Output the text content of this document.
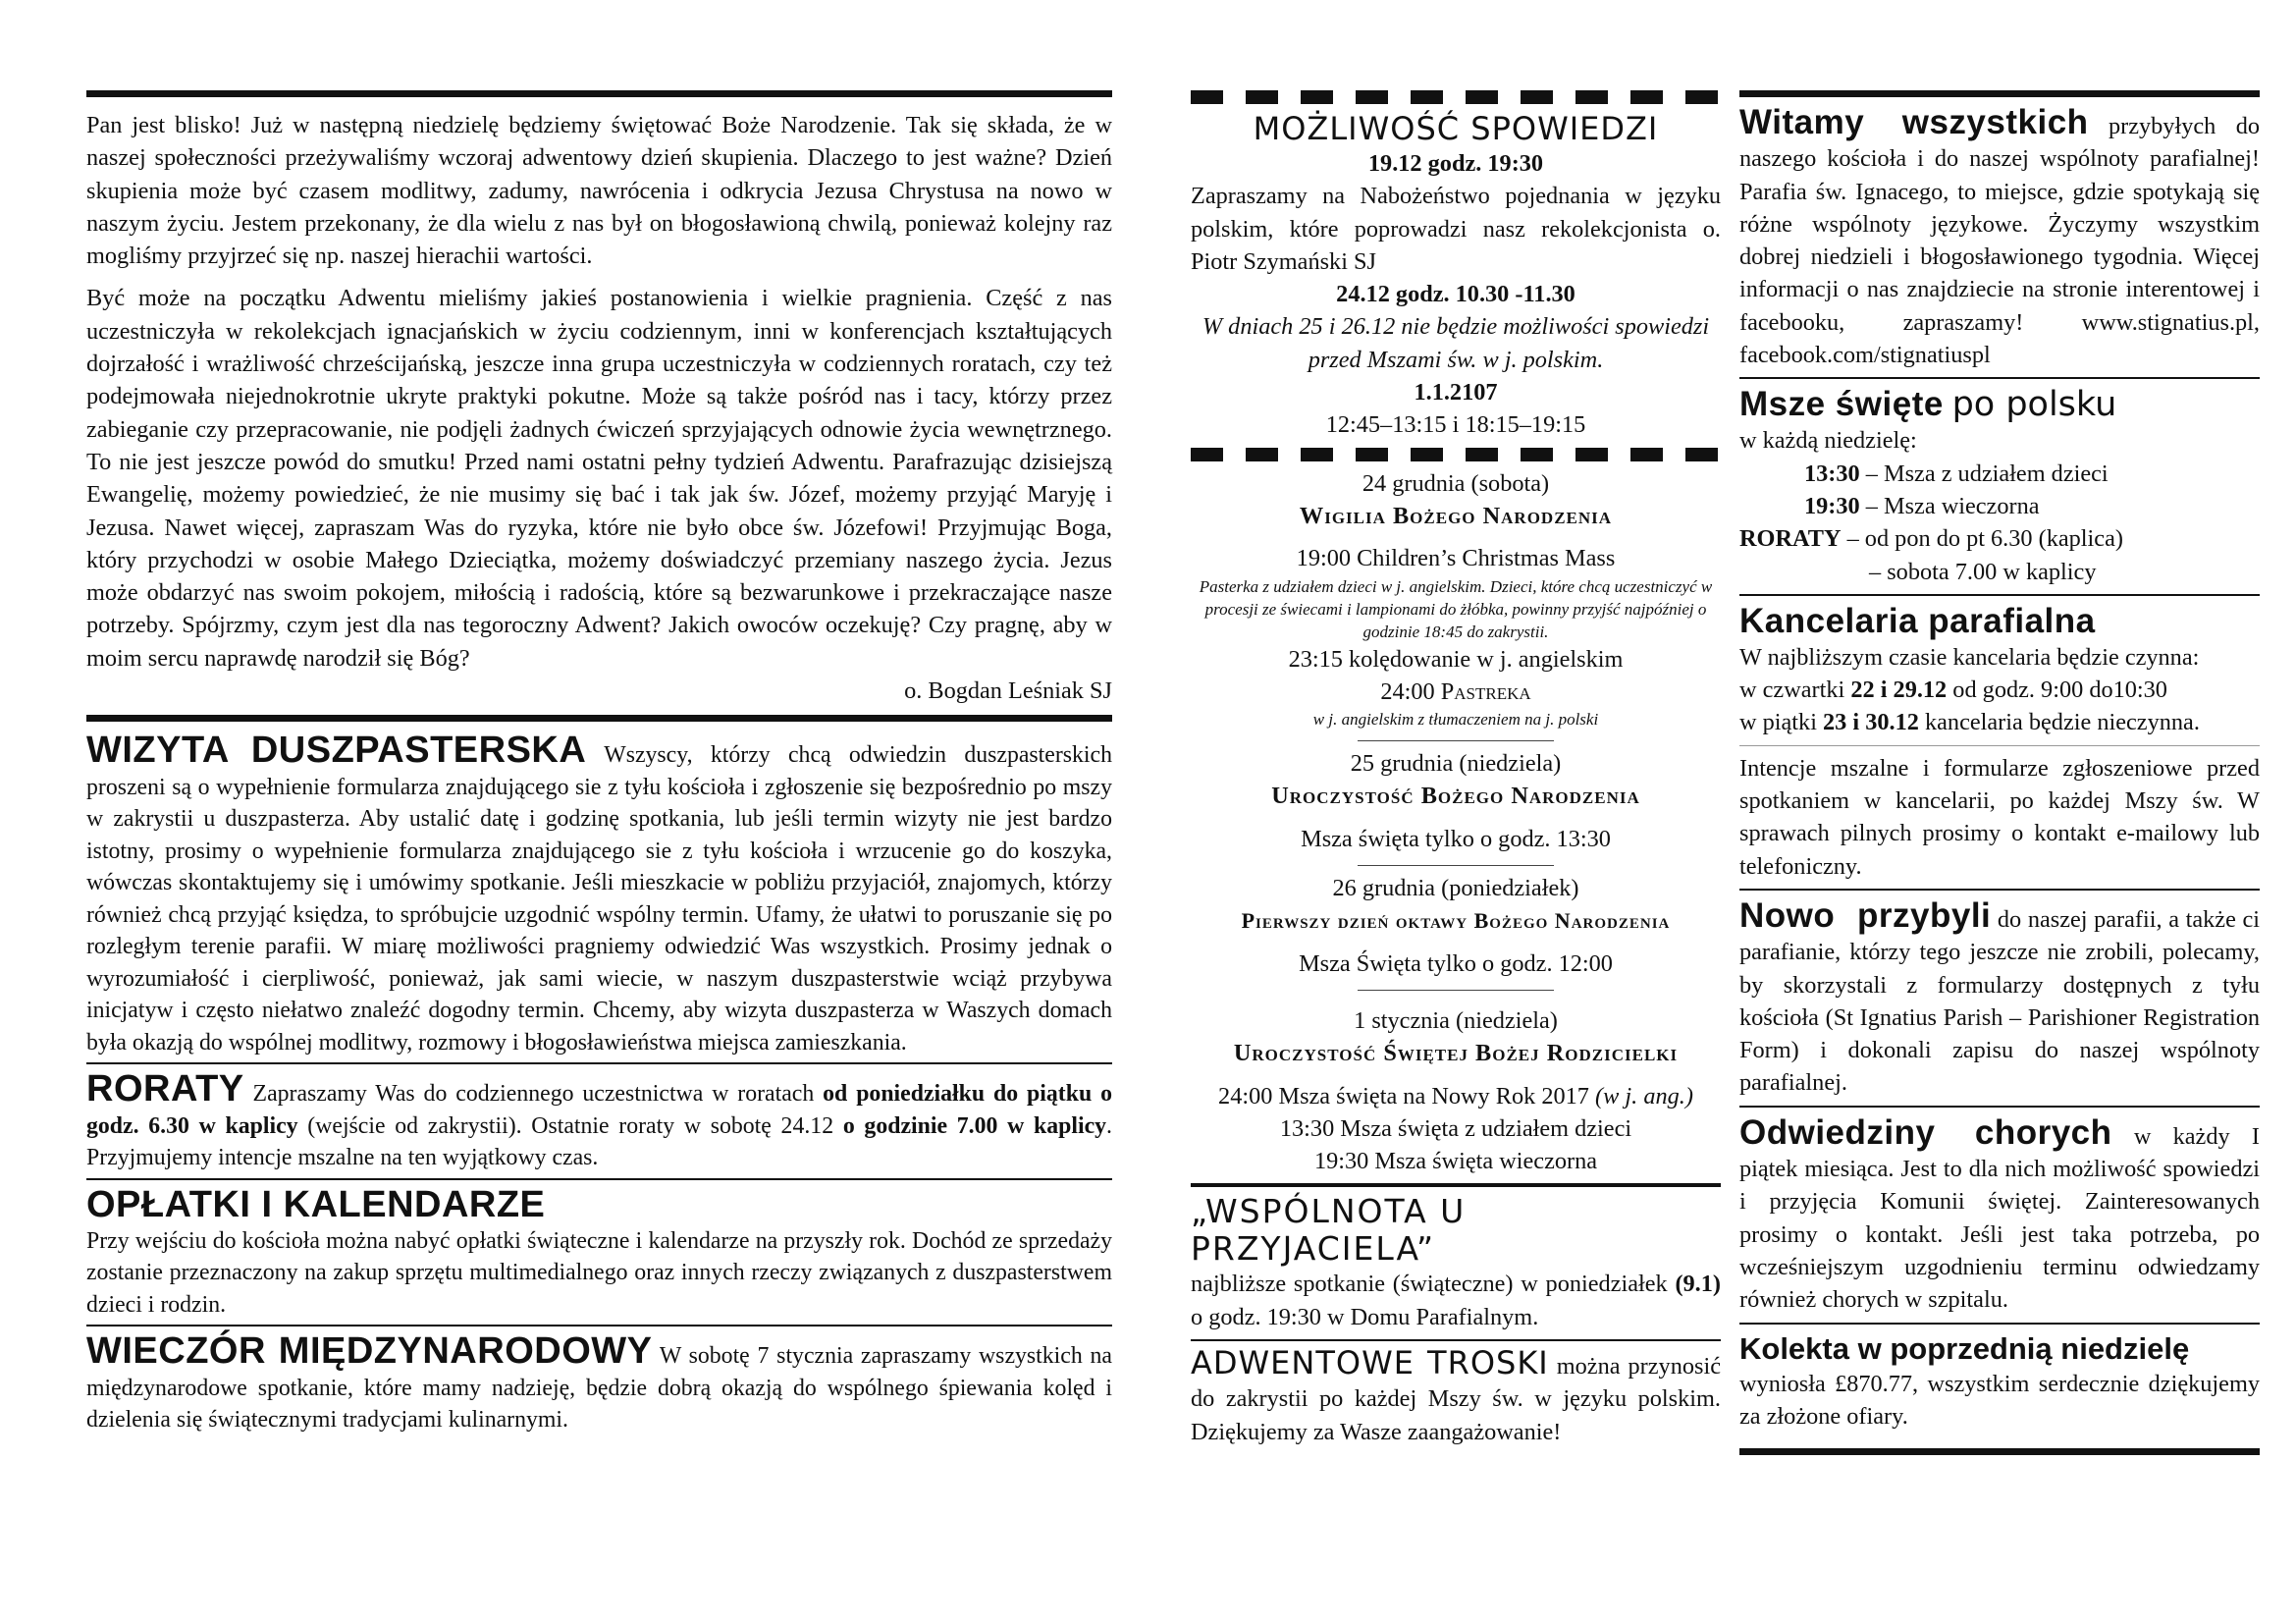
Pan jest blisko! Już w następną niedzielę będziemy świętować Boże Narodzenie. Tak się składa, że w naszej społeczności przeżywaliśmy wczoraj adwentowy dzień skupienia. Dlaczego to jest ważne? Dzień skupienia może być czasem modlitwy, zadumy, nawrócenia i odkrycia Jezusa Chrystusa na nowo w naszym życiu. Jestem przekonany, że dla wielu z nas był on błogosławioną chwilą, ponieważ kolejny raz mogliśmy przyjrzeć się np. naszej hierachii wartości.

Być może na początku Adwentu mieliśmy jakieś postanowienia i wielkie pragnienia. Część z nas uczestniczyła w rekolekcjach ignacjańskich w życiu codziennym, inni w konferencjach kształtujących dojrzałość i wrażliwość chrześcijańską, jeszcze inna grupa uczestniczyła w codziennych roratach, czy też podejmowała niejednokrotnie ukryte praktyki pokutne. Może są także pośród nas i tacy, którzy przez zabieganie czy przepracowanie, nie podjęli żadnych ćwiczeń sprzyjających odnowie życia wewnętrznego. To nie jest jeszcze powód do smutku! Przed nami ostatni pełny tydzień Adwentu. Parafrazując dzisiejszą Ewangelię, możemy powiedzieć, że nie musimy się bać i tak jak św. Józef, możemy przyjąć Maryję i Jezusa. Nawet więcej, zapraszam Was do ryzyka, które nie było obce św. Józefowi! Przyjmując Boga, który przychodzi w osobie Małego Dzieciątka, możemy doświadczyć przemiany naszego życia. Jezus może obdarzyć nas swoim pokojem, miłością i radością, które są bezwarunkowe i przekraczające nasze potrzeby. Spójrzmy, czym jest dla nas tegoroczny Adwent? Jakich owoców oczekuję? Czy pragnę, aby w moim sercu naprawdę narodził się Bóg?

o. Bogdan Leśniak SJ

WIZYTA DUSZPASTERSKA Wszyscy, którzy chcą odwiedzin duszpasterskich proszeni są o wypełnienie formularza znajdującego sie z tyłu kościoła i zgłoszenie się bezpośrednio po mszy w zakrystii u duszpasterza. Aby ustalić datę i godzinę spotkania, lub jeśli termin wizyty nie jest bardzo istotny, prosimy o wypełnienie formularza znajdującego sie z tyłu kościoła i wrzucenie go do koszyka, wówczas skontaktujemy się i umówimy spotkanie. Jeśli mieszkacie w pobliżu przyjaciół, znajomych, którzy również chcą przyjąć księdza, to spróbujcie uzgodnić wspólny termin. Ufamy, że ułatwi to poruszanie się po rozległym terenie parafii. W miarę możliwości pragniemy odwiedzić Was wszystkich. Prosimy jednak o wyrozumiałość i cierpliwość, ponieważ, jak sami wiecie, w naszym duszpasterstwie wciąż przybywa inicjatyw i często niełatwo znaleźć dogodny termin. Chcemy, aby wizyta duszpasterza w Waszych domach była okazją do wspólnej modlitwy, rozmowy i błogosławieństwa miejsca zamieszkania.

RORATY Zapraszamy Was do codziennego uczestnictwa w roratach od poniedziałku do piątku o godz. 6.30 w kaplicy (wejście od zakrystii). Ostatnie roraty w sobotę 24.12 o godzinie 7.00 w kaplicy. Przyjmujemy intencje mszalne na ten wyjątkowy czas.

OPŁATKI I KALENDARZE

Przy wejściu do kościoła można nabyć opłatki świąteczne i kalendarze na przyszły rok. Dochód ze sprzedaży zostanie przeznaczony na zakup sprzętu multimedialnego oraz innych rzeczy związanych z duszpasterstwem dzieci i rodzin.

WIECZÓR MIĘDZYNARODOWY W sobotę 7 stycznia zapraszamy wszystkich na międzynarodowe spotkanie, które mamy nadzieję, będzie dobrą okazją do wspólnego śpiewania kolęd i dzielenia się świątecznymi tradycjami kulinarnymi.

MOŻLIWOŚĆ SPOWIEDZI
19.12 godz. 19:30

Zapraszamy na Nabożeństwo pojednania w języku polskim, które poprowadzi nasz rekolekcjonista o. Piotr Szymański SJ

24.12 godz. 10.30 -11.30

W dniach 25 i 26.12 nie będzie możliwości spowiedzi przed Mszami św. w j. polskim.

1.1.2107
12:45–13:15 i 18:15–19:15
24 grudnia (sobota)
Wigilia Bożego Narodzenia
19:00 Children’s Christmas Mass

Pasterka z udziałem dzieci w j. angielskim. Dzieci, które chcą uczestniczyć w procesji ze świecami i lampionami do żłóbka, powinny przyjść najpóźniej o godzinie 18:45 do zakrystii.

23:15 kolędowanie w j. angielskim
24:00 Pastreka

w j. angielskim z tłumaczeniem na j. polski

25 grudnia (niedziela)
Uroczystość Bożego Narodzenia
Msza święta tylko o godz. 13:30
26 grudnia (poniedziałek)
Pierwszy dzień oktawy Bożego Narodzenia
Msza Święta tylko o godz. 12:00
1 stycznia (niedziela)
Uroczystość Świętej Bożej Rodzicielki
24:00 Msza święta na Nowy Rok 2017 (w j. ang.)
13:30 Msza święta z udziałem dzieci
19:30 Msza święta wieczorna
„WSPÓLNOTA U PRZYJACIELA”

najbliższe spotkanie (świąteczne) w poniedziałek (9.1) o godz. 19:30 w Domu Parafialnym.

ADWENTOWE TROSKI można przynosić do zakrystii po każdej Mszy św. w języku polskim. Dziękujemy za Wasze zaangażowanie!

Witamy wszystkich przybyłych do naszego kościoła i do naszej wspólnoty parafialnej! Parafia św. Ignacego, to miejsce, gdzie spotykają się różne wspólnoty językowe. Życzymy wszystkim dobrej niedzieli i błogosławionego tygodnia. Więcej informacji o nas znajdziecie na stronie interentowej i facebooku, zapraszamy! www.stignatius.pl, facebook.com/stignatiuspl

Msze święte po polsku
w każdą niedzielę:
13:30 – Msza z udziałem dzieci
19:30 – Msza wieczorna
RORATY – od pon do pt 6.30 (kaplica)
– sobota 7.00 w kaplicy
Kancelaria parafialna
W najbliższym czasie kancelaria będzie czynna:
w czwartki 22 i 29.12 od godz. 9:00 do10:30
w piątki 23 i 30.12 kancelaria będzie nieczynna.

Intencje mszalne i formularze zgłoszeniowe przed spotkaniem w kancelarii, po każdej Mszy św. W sprawach pilnych prosimy o kontakt e-mailowy lub telefoniczny.

Nowo przybyli do naszej parafii, a także ci parafianie, którzy tego jeszcze nie zrobili, polecamy, by skorzystali z formularzy dostępnych z tyłu kościoła (St Ignatius Parish – Parishioner Registration Form) i dokonali zapisu do naszej wspólnoty parafialnej.

Odwiedziny chorych w każdy I piątek miesiąca. Jest to dla nich możliwość spowiedzi i przyjęcia Komunii świętej. Zainteresowanych prosimy o kontakt. Jeśli jest taka potrzeba, po wcześniejszym uzgodnieniu terminu odwiedzamy również chorych w szpitalu.

Kolekta w poprzednią niedzielę

wyniosła £870.77, wszystkim serdecznie dziękujemy za złożone ofiary.
